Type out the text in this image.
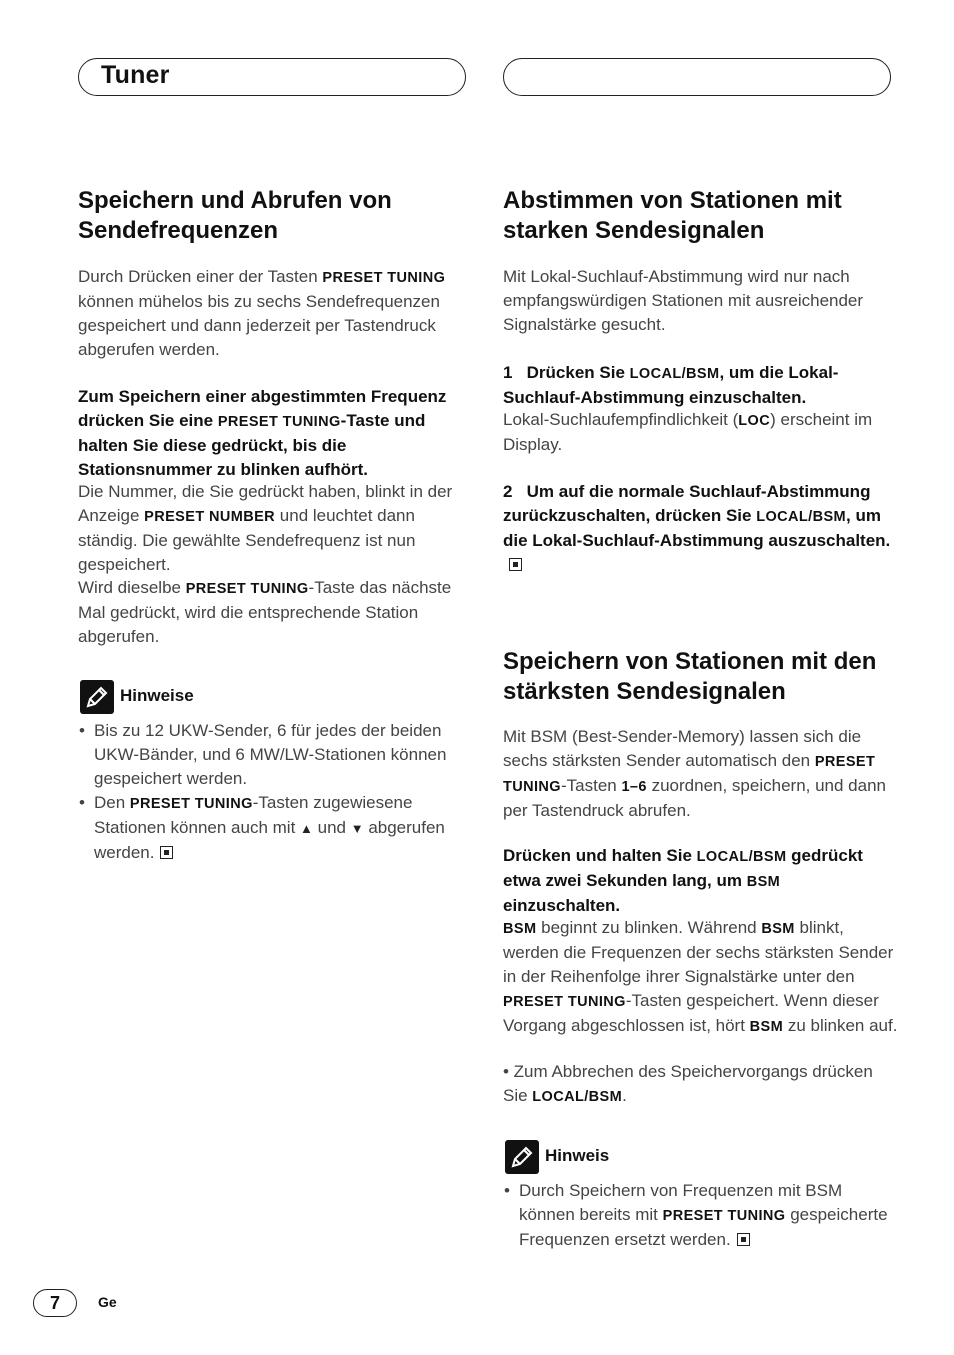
Tuner
Speichern und Abrufen von
Sendefrequenzen
Durch Drücken einer der Tasten PRESET TUNING können mühelos bis zu sechs Sendefrequenzen gespeichert und dann jederzeit per Tastendruck abgerufen werden.
Zum Speichern einer abgestimmten Frequenz drücken Sie eine PRESET TUNING-Taste und halten Sie diese gedrückt, bis die Stationsnummer zu blinken aufhört.
Die Nummer, die Sie gedrückt haben, blinkt in der Anzeige PRESET NUMBER und leuchtet dann ständig. Die gewählte Sendefrequenz ist nun gespeichert.
Wird dieselbe PRESET TUNING-Taste das nächste Mal gedrückt, wird die entsprechende Station abgerufen.
Hinweise
• Bis zu 12 UKW-Sender, 6 für jedes der beiden UKW-Bänder, und 6 MW/LW-Stationen können gespeichert werden.
• Den PRESET TUNING-Tasten zugewiesene Stationen können auch mit ▲ und ▼ abgerufen werden.
Abstimmen von Stationen mit
starken Sendesignalen
Mit Lokal-Suchlauf-Abstimmung wird nur nach empfangswürdigen Stationen mit ausreichender Signalstärke gesucht.
1 Drücken Sie LOCAL/BSM, um die Lokal-Suchlauf-Abstimmung einzuschalten.
Lokal-Suchlaufempfindlichkeit (LOC) erscheint im Display.
2 Um auf die normale Suchlauf-Abstimmung zurückzuschalten, drücken Sie LOCAL/BSM, um die Lokal-Suchlauf-Abstimmung auszuschalten.
Speichern von Stationen mit den
stärksten Sendesignalen
Mit BSM (Best-Sender-Memory) lassen sich die sechs stärksten Sender automatisch den PRESET TUNING-Tasten 1–6 zuordnen, speichern, und dann per Tastendruck abrufen.
Drücken und halten Sie LOCAL/BSM gedrückt etwa zwei Sekunden lang, um BSM einzuschalten.
BSM beginnt zu blinken. Während BSM blinkt, werden die Frequenzen der sechs stärksten Sender in der Reihenfolge ihrer Signalstärke unter den PRESET TUNING-Tasten gespeichert. Wenn dieser Vorgang abgeschlossen ist, hört BSM zu blinken auf.
• Zum Abbrechen des Speichervorgangs drücken Sie LOCAL/BSM.
Hinweis
• Durch Speichern von Frequenzen mit BSM können bereits mit PRESET TUNING gespeicherte Frequenzen ersetzt werden.
7	Ge
